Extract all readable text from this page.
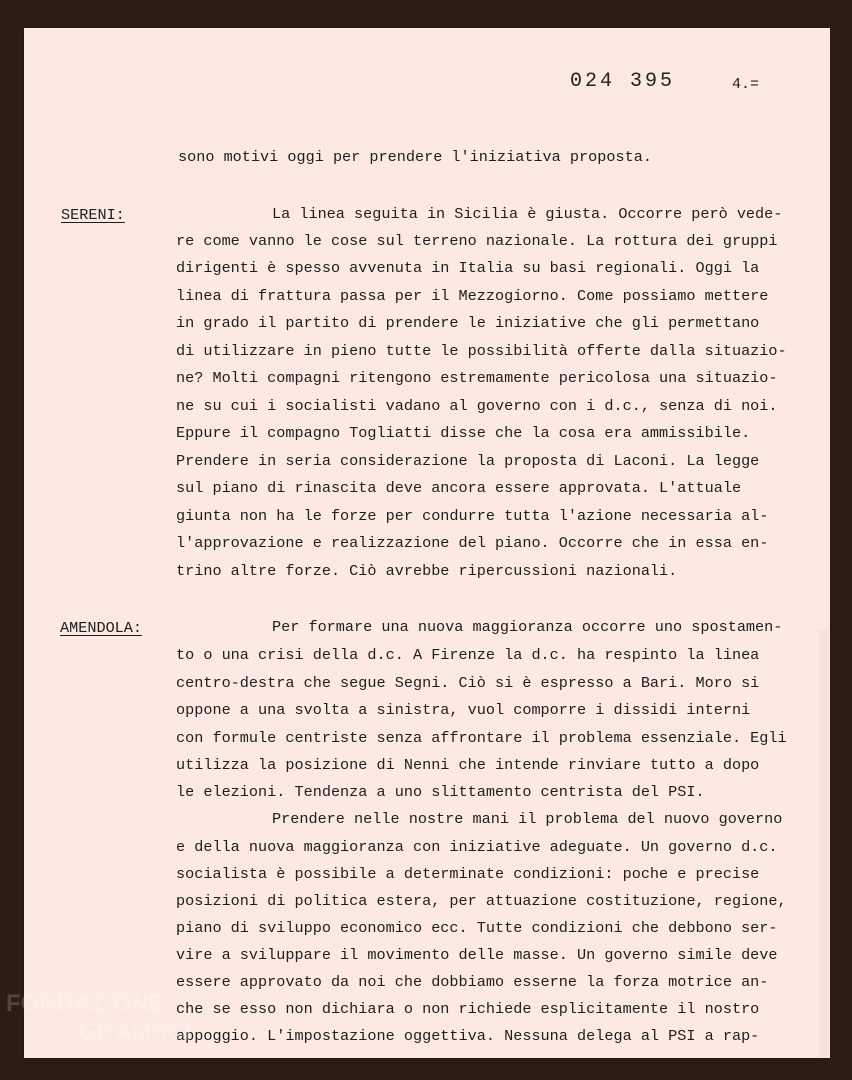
024 395	4.=
sono motivi oggi per prendere l'iniziativa proposta.
SERENI:	La linea seguita in Sicilia è giusta. Occorre però vede-
re come vanno le cose sul terreno nazionale. La rottura dei gruppi
dirigenti è spesso avvenuta in Italia su basi regionali. Oggi la
linea di frattura passa per il Mezzogiorno. Come possiamo mettere
in grado il partito di prendere le iniziative che gli permettano
di utilizzare in pieno tutte le possibilità offerte dalla situazio-
ne? Molti compagni ritengono estremamente pericolosa una situazio-
ne su cui i socialisti vadano al governo con i d.c., senza di noi.
Eppure il compagno Togliatti disse che la cosa era ammissibile.
Prendere in seria considerazione la proposta di Laconi. La legge
sul piano di rinascita deve ancora essere approvata. L'attuale
giunta non ha le forze per condurre tutta l'azione necessaria al-
l'approvazione e realizzazione del piano. Occorre che in essa en-
trino altre forze. Ciò avrebbe ripercussioni nazionali.
AMENDOLA:	Per formare una nuova maggioranza occorre uno spostamen-
to o una crisi della d.c. A Firenze la d.c. ha respinto la linea
centro-destra che segue Segni. Ciò si è espresso a Bari. Moro si
oppone a una svolta a sinistra, vuol comporre i dissidi interni
con formule centriste senza affrontare il problema essenziale. Egli
utilizza la posizione di Nenni che intende rinviare tutto a dopo
le elezioni. Tendenza a uno slittamento centrista del PSI.
Prendere nelle nostre mani il problema del nuovo governo
e della nuova maggioranza con iniziative adeguate. Un governo d.c.
socialista è possibile a determinate condizioni: poche e precise
posizioni di politica estera, per attuazione costituzione, regione,
piano di sviluppo economico ecc. Tutte condizioni che debbono ser-
vire a sviluppare il movimento delle masse. Un governo simile deve
essere approvato da noi che dobbiamo esserne la forza motrice an-
che se esso non dichiara o non richiede esplicitamente il nostro
appoggio. L'impostazione oggettiva. Nessuna delega al PSI a rap-
FONDAZIONE
GRAMSCI
